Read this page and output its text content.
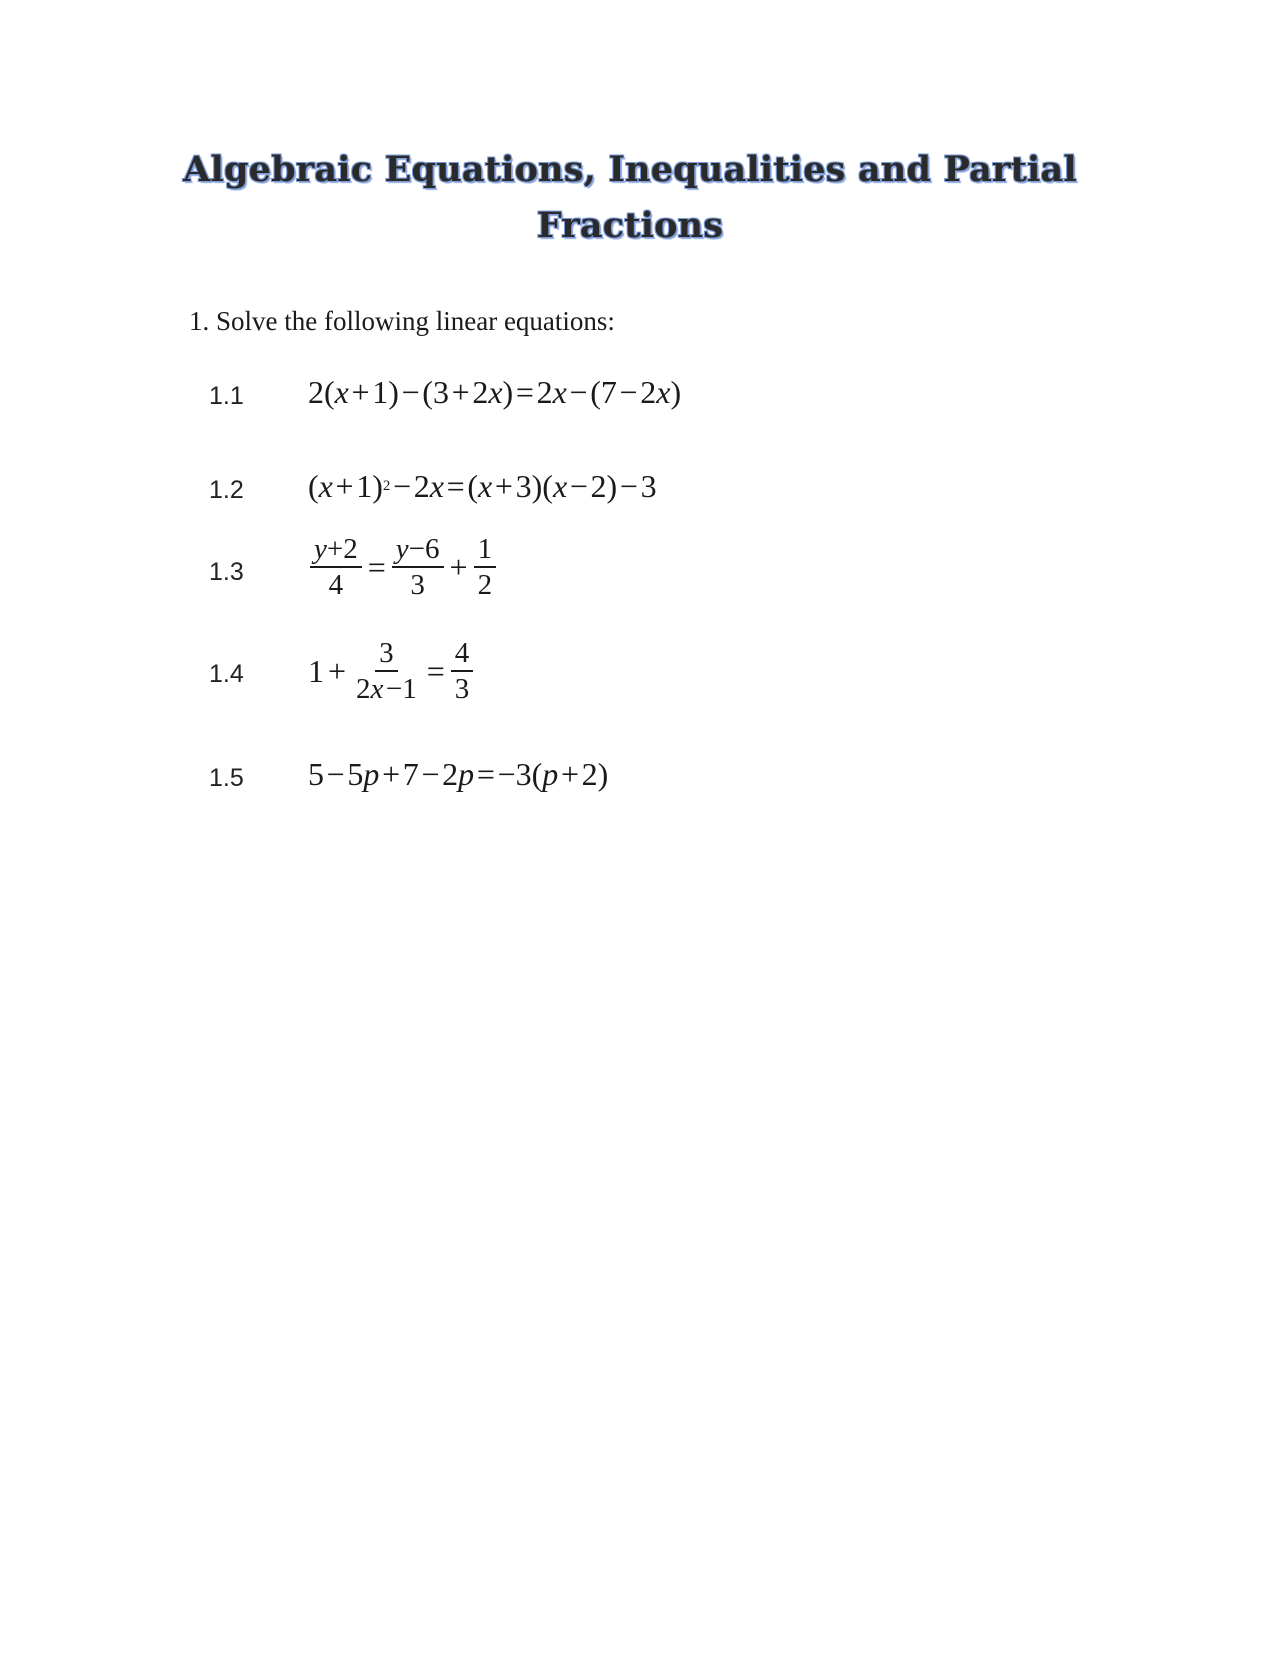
Algebraic Equations, Inequalities and Partial
Fractions
1. Solve the following linear equations:
1.1 2( x  + 1) − (3 + 2 x ) = 2 x  − (7 − 2 x )
1.2 ( x  + 1) 2  − 2 x  = ( x  + 3)( x  − 2) − 3
$1.3 \frac{y+2}{4} = \frac{y-6}{3} + \frac{1}{2}$
1.4 $1 + \frac{3}{2x -1} = \frac{4}{3}$
1.5 5 − 5 p  + 7 − 2 p  = −3( p  + 2)
